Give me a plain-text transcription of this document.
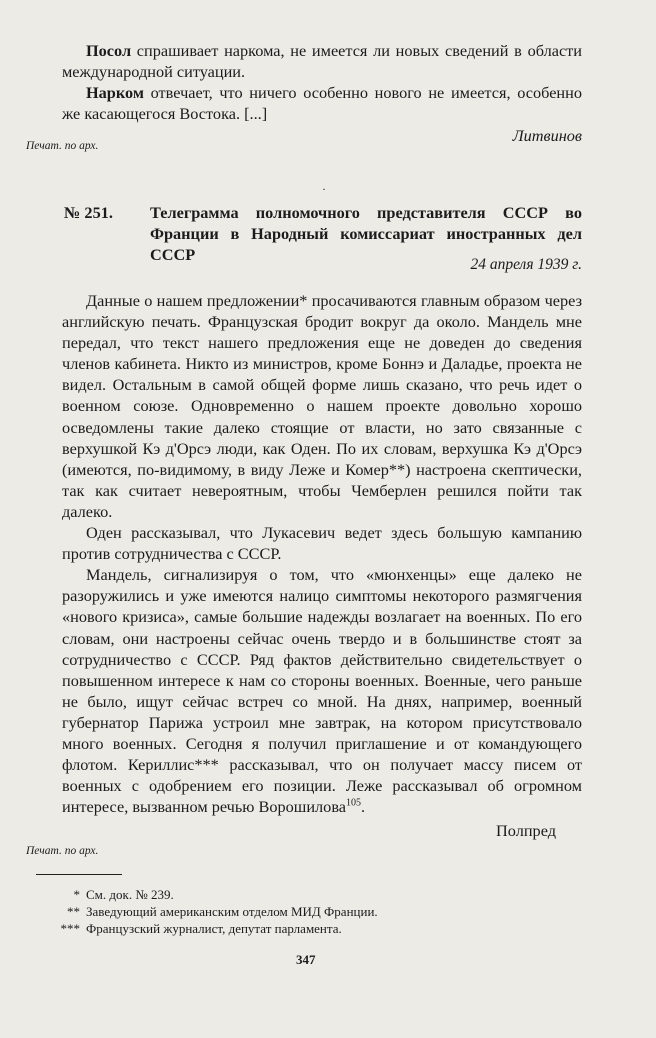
Посол спрашивает наркома, не имеется ли новых сведений в области международной ситуации.

Нарком отвечает, что ничего особенно нового не имеется, особенно же касающегося Востока. [...]

Литвинов
Печат. по арх.
·
№ 251. Телеграмма полномочного представителя СССР во Франции в Народный комиссариат иностранных дел СССР
24 апреля 1939 г.

Данные о нашем предложении* просачиваются главным образом через английскую печать. Французская бродит вокруг да около. Мандель мне передал, что текст нашего предложения еще не доведен до сведения членов кабинета. Никто из министров, кроме Боннэ и Даладье, проекта не видел. Остальным в самой общей форме лишь сказано, что речь идет о военном союзе. Одновременно о нашем проекте довольно хорошо осведомлены такие далеко стоящие от власти, но зато связанные с верхушкой Кэ д'Орсэ люди, как Оден. По их словам, верхушка Кэ д'Орсэ (имеются, по-видимому, в виду Леже и Комер**) настроена скептически, так как считает невероятным, чтобы Чемберлен решился пойти так далеко.

Оден рассказывал, что Лукасевич ведет здесь большую кампанию против сотрудничества с СССР.

Мандель, сигнализируя о том, что «мюнхенцы» еще далеко не разоружились и уже имеются налицо симптомы некоторого размягчения «нового кризиса», самые большие надежды возлагает на военных. По его словам, они настроены сейчас очень твердо и в большинстве стоят за сотрудничество с СССР. Ряд фактов действительно свидетельствует о повышенном интересе к нам со стороны военных. Военные, чего раньше не было, ищут сейчас встреч со мной. На днях, например, военный губернатор Парижа устроил мне завтрак, на котором присутствовало много военных. Сегодня я получил приглашение и от командующего флотом. Кериллис*** рассказывал, что он получает массу писем от военных с одобрением его позиции. Леже рассказывал об огромном интересе, вызванном речью Ворошилова$^{105}$.

Полпред
Печат. по арх.
* См. док. № 239.
** Заведующий американским отделом МИД Франции.
*** Французский журналист, депутат парламента.
347
